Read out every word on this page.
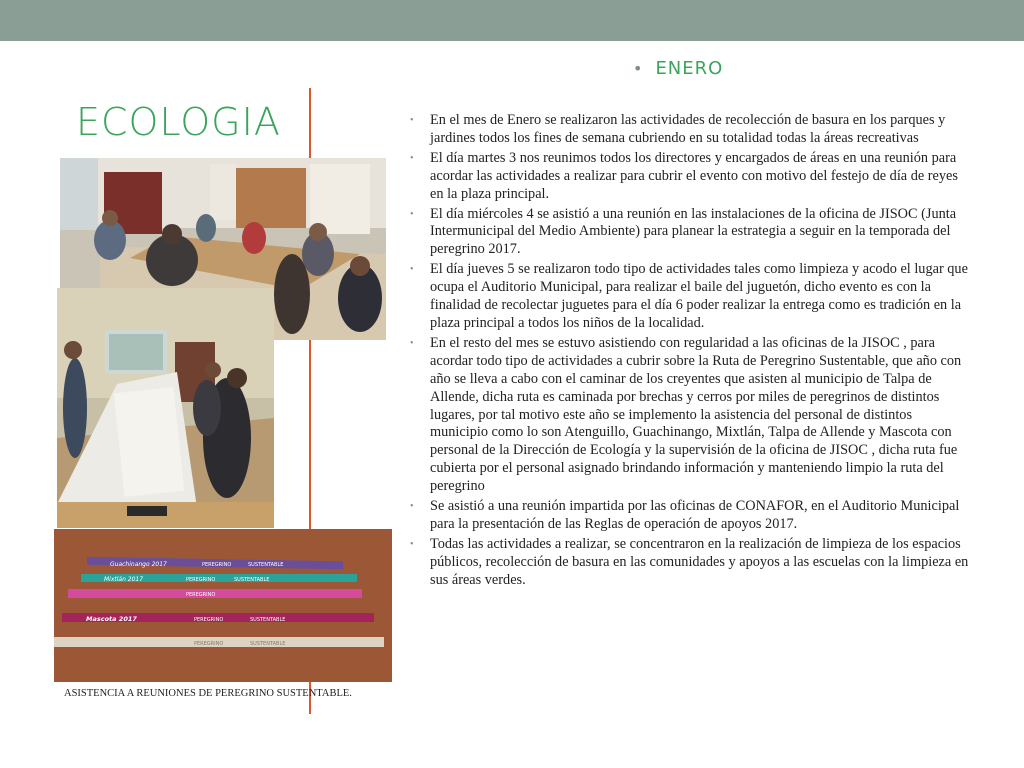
ECOLOGIA
• ENERO
Guachinango 2017	PEREGRINO	SUSTENTABLE
Mixtlán 2017	PEREGRINO	SUSTENTABLE
PEREGRINO
Mascota 2017	PEREGRINO	SUSTENTABLE
PEREGRINO	SUSTENTABLE
ASISTENCIA A REUNIONES DE PEREGRINO SUSTENTABLE.
• En el mes de Enero se realizaron las actividades de recolección de basura en los parques y jardines todos los fines de semana cubriendo en su totalidad todas la áreas recreativas
• El día martes 3 nos reunimos todos los directores y encargados de áreas en una reunión para acordar las actividades a realizar para cubrir el evento con motivo del festejo de día de reyes en la plaza principal.
• El día miércoles 4 se asistió a una reunión en las instalaciones de la oficina de JISOC (Junta Intermunicipal del Medio Ambiente) para planear la estrategia a seguir en la temporada del peregrino 2017.
• El día jueves 5 se realizaron todo tipo de actividades tales como limpieza y acodo el lugar que ocupa el Auditorio Municipal, para realizar el baile del juguetón, dicho evento es con la finalidad de recolectar juguetes para el día 6 poder realizar la entrega como es tradición en la plaza principal a todos los niños de la localidad.
• En el resto del mes se estuvo asistiendo con regularidad a las oficinas de la JISOC , para acordar todo tipo de actividades a cubrir sobre la Ruta de Peregrino Sustentable, que año con año se lleva a cabo con el caminar de los creyentes que asisten al municipio de Talpa de Allende, dicha ruta es caminada por brechas y cerros por miles de peregrinos de distintos lugares, por tal motivo este año se implemento la asistencia del personal de distintos municipio como lo son Atenguillo, Guachinango, Mixtlán, Talpa de Allende y Mascota con personal de la Dirección de Ecología y la supervisión de la oficina de JISOC , dicha ruta fue cubierta por el personal asignado brindando información y manteniendo limpio la ruta del peregrino
• Se asistió a una reunión impartida por las oficinas de CONAFOR, en el Auditorio Municipal para la presentación de las Reglas de operación de apoyos 2017.
• Todas las actividades a realizar, se concentraron en la realización de limpieza de los espacios públicos, recolección de basura en las comunidades y apoyos a las escuelas con la limpieza en sus áreas verdes.
